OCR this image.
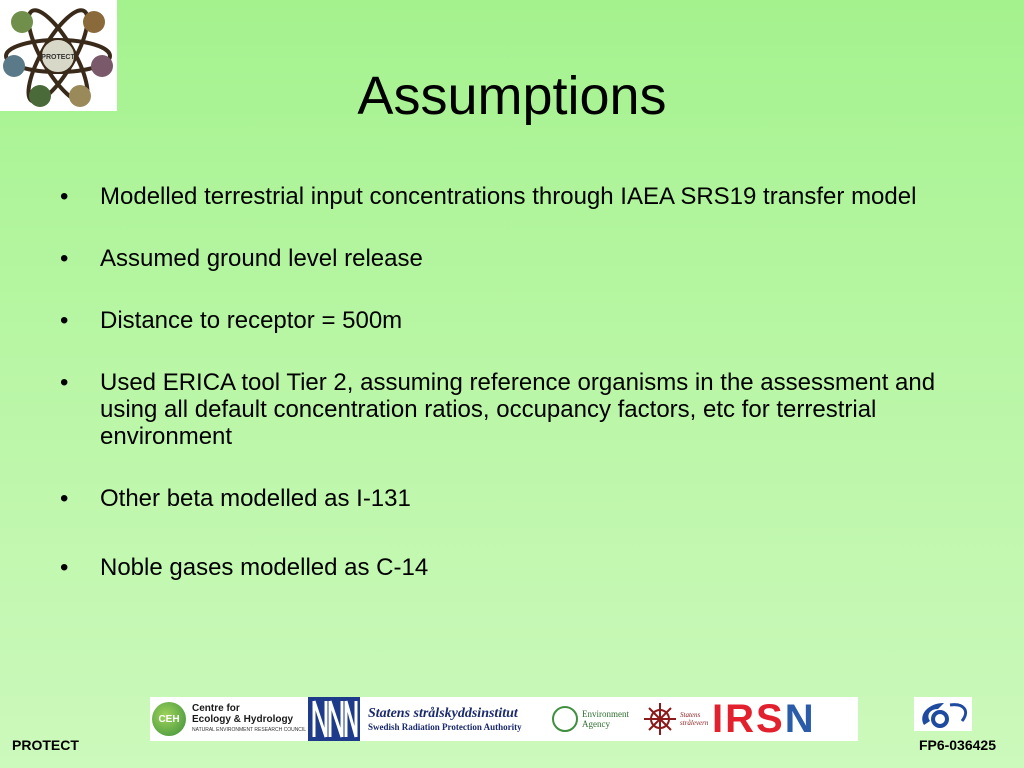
PROTECT
Assumptions
• Modelled terrestrial input concentrations through IAEA SRS19 transfer model
• Assumed ground level release
• Distance to receptor = 500m
• Used ERICA tool Tier 2, assuming reference organisms in the assessment and using all default concentration ratios, occupancy factors, etc for terrestrial environment
• Other beta modelled as I-131
• Noble gases modelled as C-14
CEH
Centre for
Ecology & Hydrology
NATURAL ENVIRONMENT RESEARCH COUNCIL
Statens strålskyddsinstitut
Swedish Radiation Protection Authority
Environment
Agency
Statens
strålevern I R S N
PROTECT	FP6-036425
